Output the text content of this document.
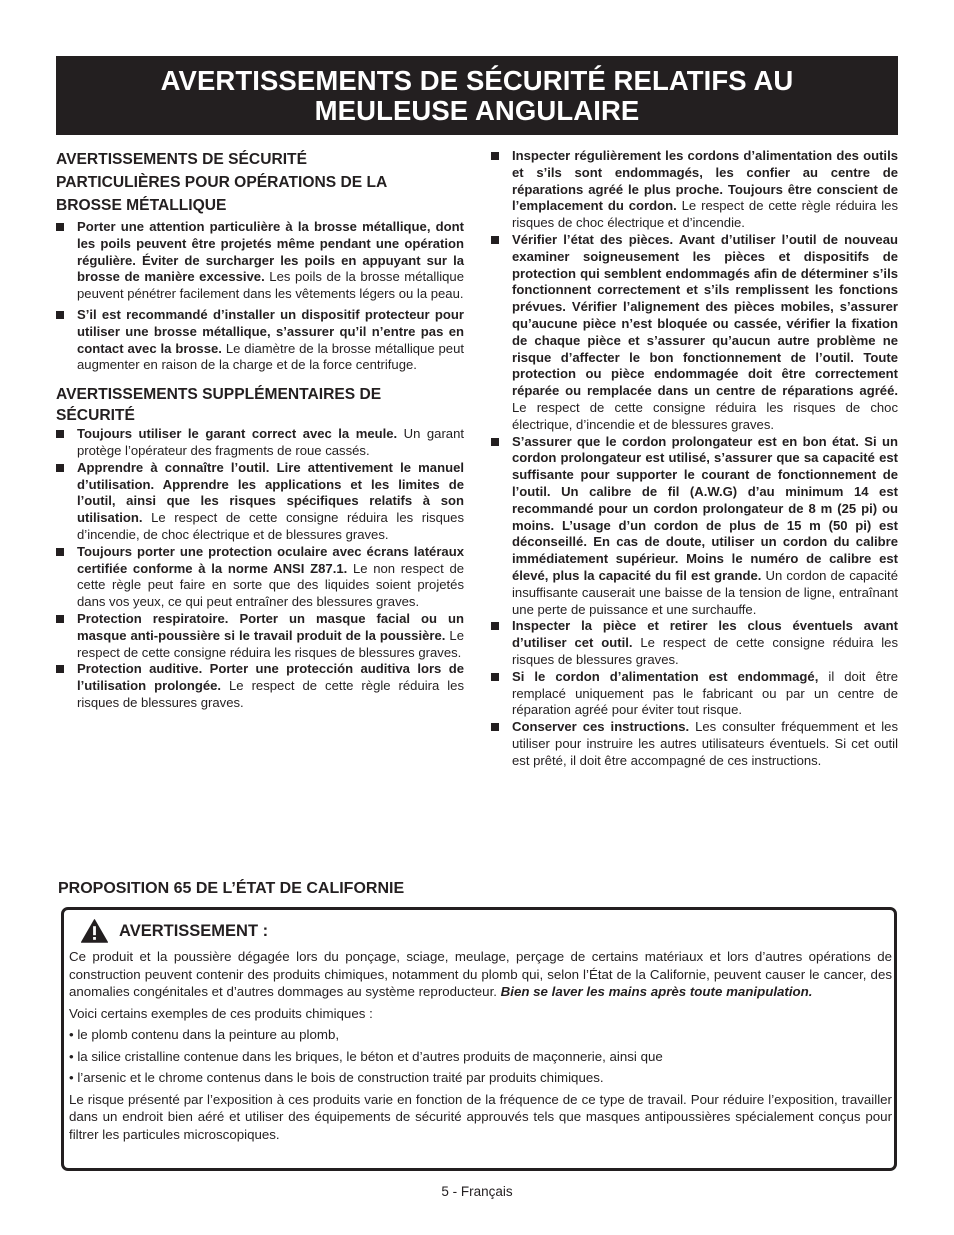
AVERTISSEMENTS DE SÉCURITÉ RELATIFS AU
MEULEUSE ANGULAIRE
AVERTISSEMENTS DE SÉCURITÉ
PARTICULIÈRES POUR OPÉRATIONS DE LA
BROSSE MÉTALLIQUE
Porter une attention particulière à la brosse métallique, dont les poils peuvent être projetés même pendant une opération régulière. Éviter de surcharger les poils en appuyant sur la brosse de manière excessive. Les poils de la brosse métallique peuvent pénétrer facilement dans les vêtements légers ou la peau.
S’il est recommandé d’installer un dispositif protecteur pour utiliser une brosse métallique, s’assurer qu’il n’entre pas en contact avec la brosse. Le diamètre de la brosse métallique peut augmenter en raison de la charge et de la force centrifuge.
AVERTISSEMENTS SUPPLÉMENTAIRES DE
SÉCURITÉ
Toujours utiliser le garant correct avec la meule. Un garant protège l’opérateur des fragments de roue cassés.
Apprendre à connaître l’outil. Lire attentivement le manuel d’utilisation. Apprendre les applications et les limites de l’outil, ainsi que les risques spécifiques relatifs à son utilisation. Le respect de cette consigne réduira les risques d’incendie, de choc électrique et de blessures graves.
Toujours porter une protection oculaire avec écrans latéraux certifiée conforme à la norme ANSI Z87.1. Le non respect de cette règle peut faire en sorte que des liquides soient projetés dans vos yeux, ce qui peut entraîner des blessures graves.
Protection respiratoire. Porter un masque facial ou un masque anti-poussière si le travail produit de la poussière. Le respect de cette consigne réduira les risques de blessures graves.
Protection auditive. Porter une protección auditiva lors de l’utilisation prolongée. Le respect de cette règle réduira les risques de blessures graves.
Inspecter régulièrement les cordons d’alimentation des outils et s’ils sont endommagés, les confier au centre de réparations agréé le plus proche. Toujours être conscient de l’emplacement du cordon. Le respect de cette règle réduira les risques de choc électrique et d’incendie.
Vérifier l’état des pièces. Avant d’utiliser l’outil de nouveau examiner soigneusement les pièces et dispositifs de protection qui semblent endommagés afin de déterminer s’ils fonctionnent correctement et s’ils remplissent les fonctions prévues. Vérifier l’alignement des pièces mobiles, s’assurer qu’aucune pièce n’est bloquée ou cassée, vérifier la fixation de chaque pièce et s’assurer qu’aucun autre problème ne risque d’affecter le bon fonctionnement de l’outil. Toute protection ou pièce endommagée doit être correctement réparée ou remplacée dans un centre de réparations agréé. Le respect de cette consigne réduira les risques de choc électrique, d’incendie et de blessures graves.
S’assurer que le cordon prolongateur est en bon état. Si un cordon prolongateur est utilisé, s’assurer que sa capacité est suffisante pour supporter le courant de fonctionnement de l’outil. Un calibre de fil (A.W.G) d’au minimum 14 est recommandé pour un cordon prolongateur de 8 m (25 pi) ou moins. L’usage d’un cordon de plus de 15 m (50 pi) est déconseillé. En cas de doute, utiliser un cordon du calibre immédiatement supérieur. Moins le numéro de calibre est élevé, plus la capacité du fil est grande. Un cordon de capacité insuffisante causerait une baisse de la tension de ligne, entraînant une perte de puissance et une surchauffe.
Inspecter la pièce et retirer les clous éventuels avant d’utiliser cet outil. Le respect de cette consigne réduira les risques de blessures graves.
Si le cordon d’alimentation est endommagé, il doit être remplacé uniquement pas le fabricant ou par un centre de réparation agréé pour éviter tout risque.
Conserver ces instructions. Les consulter fréquemment et les utiliser pour instruire les autres utilisateurs éventuels. Si cet outil est prêté, il doit être accompagné de ces instructions.
PROPOSITION 65 DE L’ÉTAT DE CALIFORNIE
AVERTISSEMENT :

Ce produit et la poussière dégagée lors du ponçage, sciage, meulage, perçage de certains matériaux et lors d’autres opérations de construction peuvent contenir des produits chimiques, notamment du plomb qui, selon l’État de la Californie, peuvent causer le cancer, des anomalies congénitales et d’autres dommages au système reproducteur. Bien se laver les mains après toute manipulation.

Voici certains exemples de ces produits chimiques :

• le plomb contenu dans la peinture au plomb,

• la silice cristalline contenue dans les briques, le béton et d’autres produits de maçonnerie, ainsi que

• l’arsenic et le chrome contenus dans le bois de construction traité par produits chimiques.

Le risque présenté par l’exposition à ces produits varie en fonction de la fréquence de ce type de travail. Pour réduire l’exposition, travailler dans un endroit bien aéré et utiliser des équipements de sécurité approuvés tels que masques antipoussières spécialement conçus pour filtrer les particules microscopiques.

5 - Français
